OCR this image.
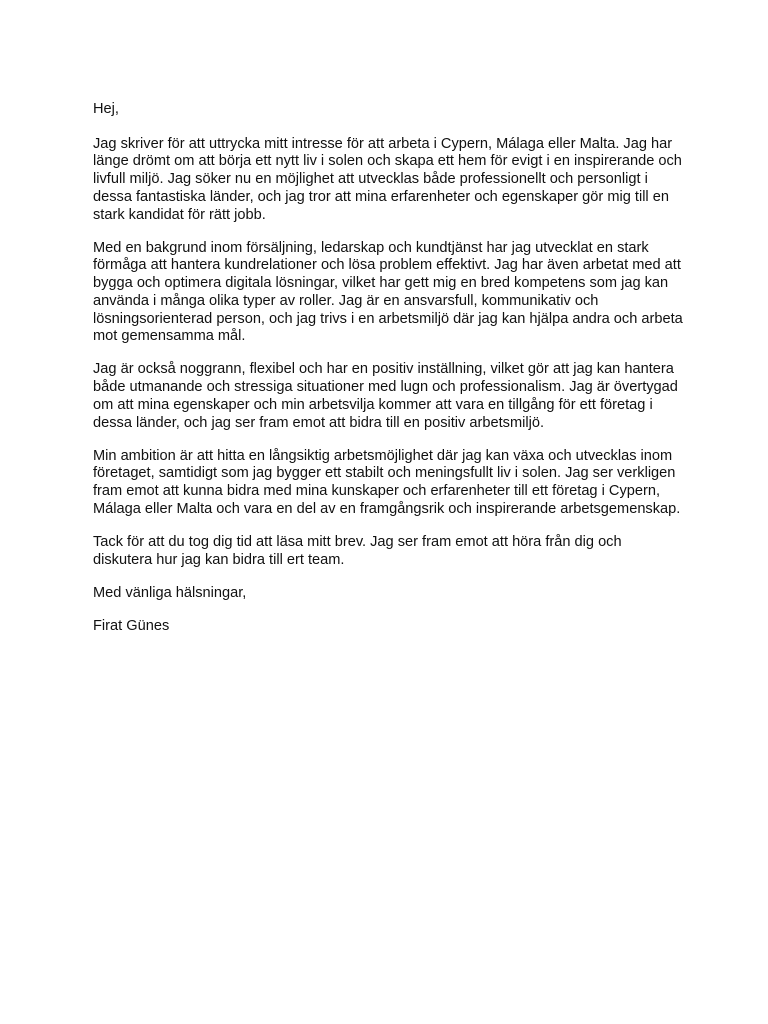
Hej,

Jag skriver för att uttrycka mitt intresse för att arbeta i Cypern, Málaga eller Malta. Jag har länge drömt om att börja ett nytt liv i solen och skapa ett hem för evigt i en inspirerande och livfull miljö. Jag söker nu en möjlighet att utvecklas både professionellt och personligt i dessa fantastiska länder, och jag tror att mina erfarenheter och egenskaper gör mig till en stark kandidat för rätt jobb.

Med en bakgrund inom försäljning, ledarskap och kundtjänst har jag utvecklat en stark förmåga att hantera kundrelationer och lösa problem effektivt. Jag har även arbetat med att bygga och optimera digitala lösningar, vilket har gett mig en bred kompetens som jag kan använda i många olika typer av roller. Jag är en ansvarsfull, kommunikativ och lösningsorienterad person, och jag trivs i en arbetsmiljö där jag kan hjälpa andra och arbeta mot gemensamma mål.

Jag är också noggrann, flexibel och har en positiv inställning, vilket gör att jag kan hantera både utmanande och stressiga situationer med lugn och professionalism. Jag är övertygad om att mina egenskaper och min arbetsvilja kommer att vara en tillgång för ett företag i dessa länder, och jag ser fram emot att bidra till en positiv arbetsmiljö.

Min ambition är att hitta en långsiktig arbetsmöjlighet där jag kan växa och utvecklas inom företaget, samtidigt som jag bygger ett stabilt och meningsfullt liv i solen. Jag ser verkligen fram emot att kunna bidra med mina kunskaper och erfarenheter till ett företag i Cypern, Málaga eller Malta och vara en del av en framgångsrik och inspirerande arbetsgemenskap.

Tack för att du tog dig tid att läsa mitt brev. Jag ser fram emot att höra från dig och diskutera hur jag kan bidra till ert team.

Med vänliga hälsningar,

Firat Günes
